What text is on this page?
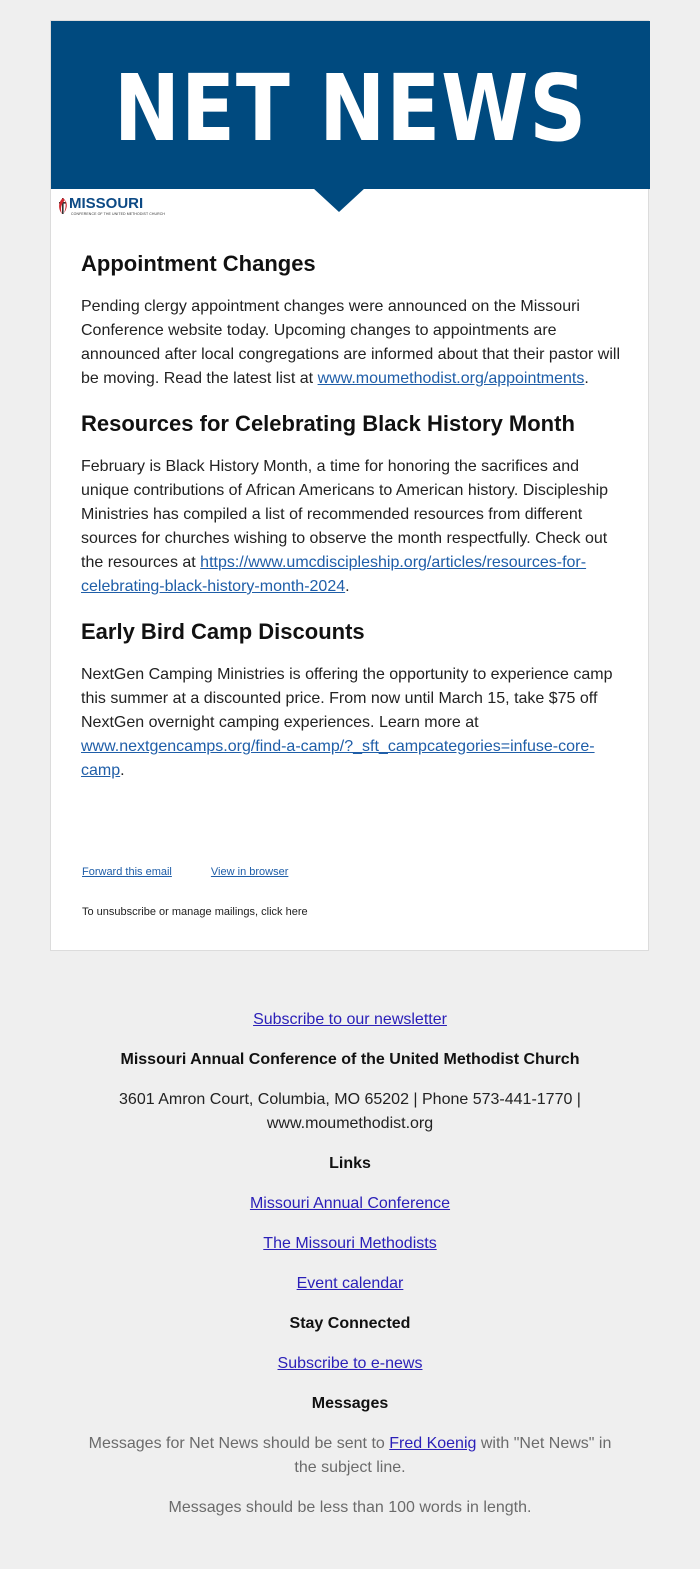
NET NEWS
MISSOURI
CONFERENCE OF THE UNITED METHODIST CHURCH
Appointment Changes

Pending clergy appointment changes were announced on the Missouri Conference website today. Upcoming changes to appointments are announced after local congregations are informed about that their pastor will be moving. Read the latest list at www.moumethodist.org/appointments.

Resources for Celebrating Black History Month

February is Black History Month, a time for honoring the sacrifices and unique contributions of African Americans to American history. Discipleship Ministries has compiled a list of recommended resources from different sources for churches wishing to observe the month respectfully. Check out the resources at https://www.umcdiscipleship.org/articles/resources-for-celebrating-black-history-month-2024.

Early Bird Camp Discounts

NextGen Camping Ministries is offering the opportunity to experience camp this summer at a discounted price. From now until March 15, take $75 off NextGen overnight camping experiences. Learn more at www.nextgencamps.org/find-a-camp/?_sft_campcategories=infuse-core-camp.

Forward this email	View in browser
To unsubscribe or manage mailings, click here
Subscribe to our newsletter
Missouri Annual Conference of the United Methodist Church
3601 Amron Court, Columbia, MO 65202 | Phone 573-441-1770 | www.moumethodist.org
Links
Missouri Annual Conference
The Missouri Methodists
Event calendar
Stay Connected
Subscribe to e-news
Messages
Messages for Net News should be sent to Fred Koenig with "Net News" in the subject line.
Messages should be less than 100 words in length.
